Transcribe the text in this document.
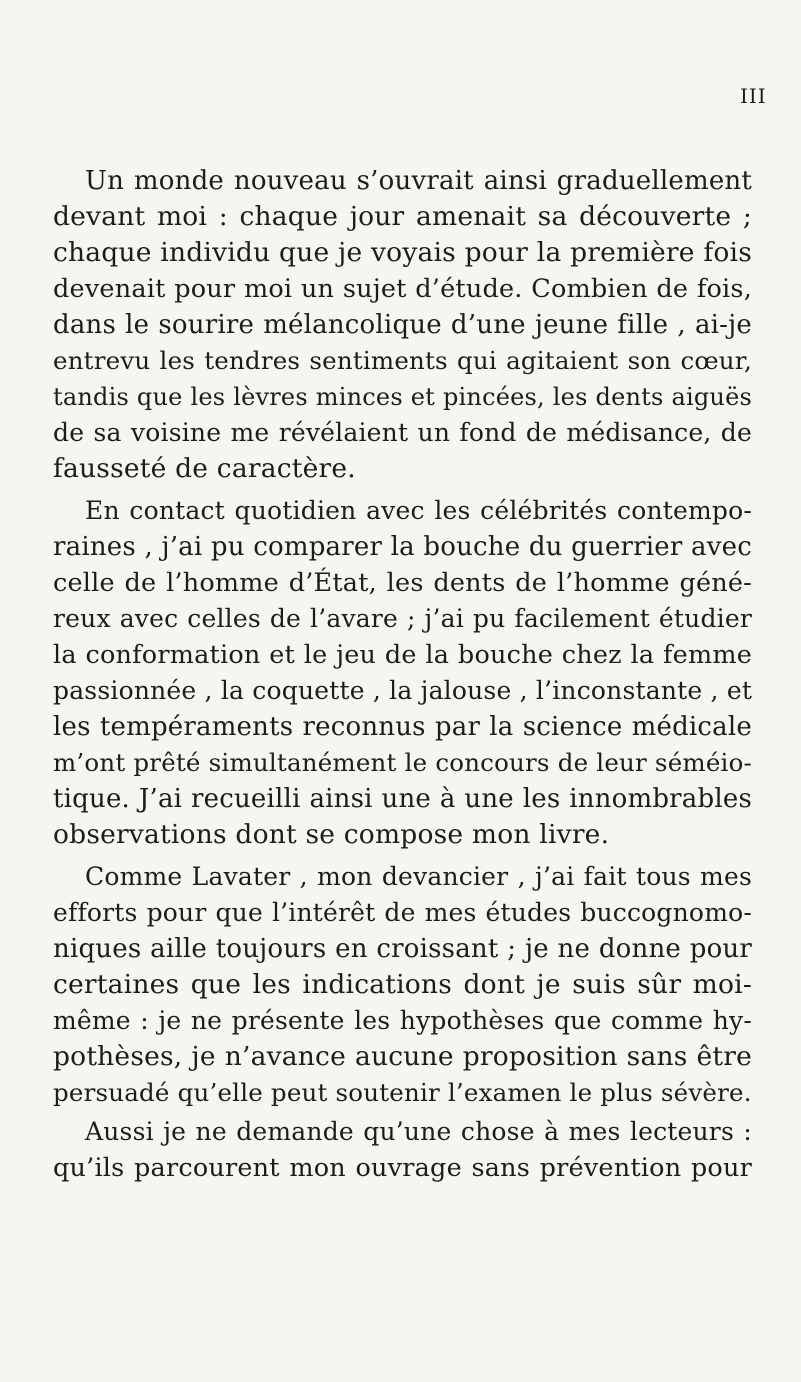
III
Un monde nouveau s’ouvrait ainsi graduellement
devant moi : chaque jour amenait sa découverte ;
chaque individu que je voyais pour la première fois
devenait pour moi un sujet d’étude. Combien de fois,
dans le sourire mélancolique d’une jeune fille , ai-je
entrevu les tendres sentiments qui agitaient son cœur,
tandis que les lèvres minces et pincées, les dents aiguës
de sa voisine me révélaient un fond de médisance, de
fausseté de caractère.
En contact quotidien avec les célébrités contempo-
raines , j’ai pu comparer la bouche du guerrier avec
celle de l’homme d’État, les dents de l’homme géné-
reux avec celles de l’avare ; j’ai pu facilement étudier
la conformation et le jeu de la bouche chez la femme
passionnée , la coquette , la jalouse , l’inconstante , et
les tempéraments reconnus par la science médicale
m’ont prêté simultanément le concours de leur séméio-
tique. J’ai recueilli ainsi une à une les innombrables
observations dont se compose mon livre.
Comme Lavater , mon devancier , j’ai fait tous mes
efforts pour que l’intérêt de mes études buccognomo-
niques aille toujours en croissant ; je ne donne pour
certaines que les indications dont je suis sûr moi-
même : je ne présente les hypothèses que comme hy-
pothèses, je n’avance aucune proposition sans être
persuadé qu’elle peut soutenir l’examen le plus sévère.
Aussi je ne demande qu’une chose à mes lecteurs :
qu’ils parcourent mon ouvrage sans prévention pour
